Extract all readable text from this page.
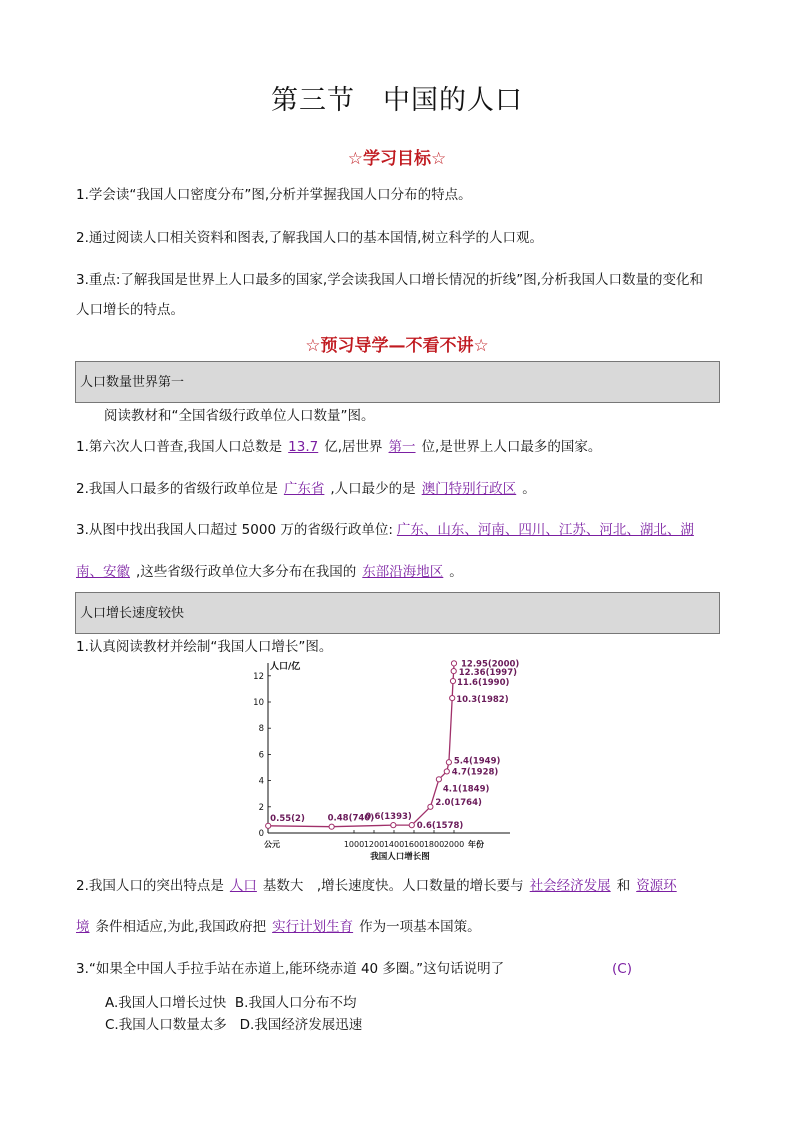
第三节 中国的人口
☆学习目标☆
1.学会读“我国人口密度分布”图,分析并掌握我国人口分布的特点。
2.通过阅读人口相关资料和图表,了解我国人口的基本国情,树立科学的人口观。
3.重点:了解我国是世界上人口最多的国家,学会读我国人口增长情况的折线”图,分析我国人口数量的变化和
人口增长的特点。
☆预习导学—不看不讲☆
人口数量世界第一
阅读教材和“全国省级行政单位人口数量”图。
1.第六次人口普查,我国人口总数是 13.7 亿,居世界 第一 位,是世界上人口最多的国家。
2.我国人口最多的省级行政单位是 广东省 ,人口最少的是 澳门特别行政区 。
3.从图中找出我国人口超过 5000 万的省级行政单位: 广东、山东、河南、四川、江苏、河北、湖北、湖
南、安徽 ,这些省级行政单位大多分布在我国的 东部沿海地区 。
人口增长速度较快
1.认真阅读教材并绘制“我国人口增长”图。
人口/亿
0
2
4
6
8
10
12
100012001400160018002000 年份
公元
我国人口增长图
0.55(2)	0.48(740)
0.6(1393)
0.6(1578)
2.0(1764)
4.1(1849)
4.7(1928)
5.4(1949)
10.3(1982)
11.6(1990)
12.36(1997)
12.95(2000)
2.我国人口的突出特点是 人口 基数大　,增长速度快。人口数量的增长要与 社会经济发展 和 资源环
境 条件相适应,为此,我国政府把 实行计划生育 作为一项基本国策。
3.“如果全中国人手拉手站在赤道上,能环绕赤道 40 多圈。”这句话说明了	(C)
A.我国人口增长过快 B.我国人口分布不均
C.我国人口数量太多 D.我国经济发展迅速
